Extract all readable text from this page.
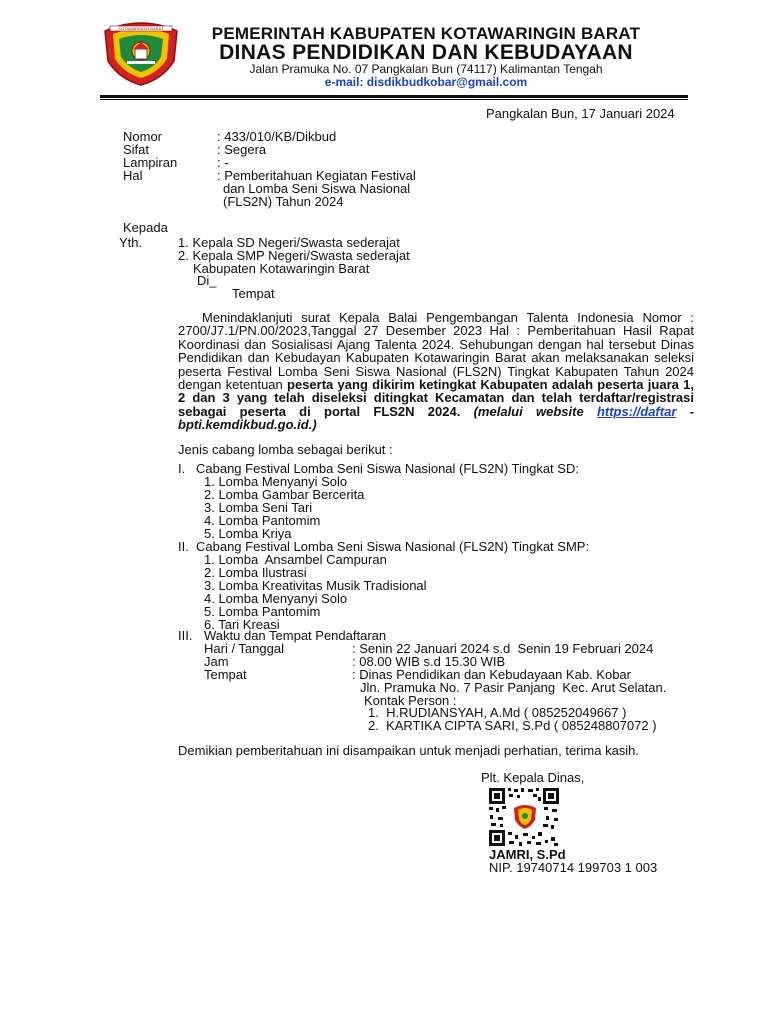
KOTAWARINGIN BARAT	PEMERINTAH KABUPATEN KOTAWARINGIN BARAT
DINAS PENDIDIKAN DAN KEBUDAYAAN
Jalan Pramuka No. 07 Pangkalan Bun (74117) Kalimantan Tengah
e-mail: disdikbudkobar@gmail.com
Pangkalan Bun, 17 Januari 2024
Nomor	: 433/010/KB/Dikbud
Sifat	: Segera
Lampiran	: -
Hal	: Pemberitahuan Kegiatan Festival
dan Lomba Seni Siswa Nasional
(FLS2N) Tahun 2024
Kepada
Yth.	1. Kepala SD Negeri/Swasta sederajat
2. Kepala SMP Negeri/Swasta sederajat
Kabupaten Kotawaringin Barat
Di_
Tempat
Menindaklanjuti surat Kepala Balai Pengembangan Talenta Indonesia Nomor : 2700/J7.1/PN.00/2023,Tanggal 27 Desember 2023 Hal : Pemberitahuan Hasil Rapat Koordinasi dan Sosialisasi Ajang Talenta 2024. Sehubungan dengan hal tersebut Dinas Pendidikan dan Kebudayan Kabupaten Kotawaringin Barat akan melaksanakan seleksi peserta Festival Lomba Seni Siswa Nasional (FLS2N) Tingkat Kabupaten Tahun 2024 dengan ketentuan peserta yang dikirim ketingkat Kabupaten adalah peserta juara 1, 2 dan 3 yang telah diseleksi ditingkat Kecamatan dan telah terdaftar/registrasi sebagai peserta di portal FLS2N 2024. (melalui website https://daftar - bpti.kemdikbud.go.id.)
Jenis cabang lomba sebagai berikut :
I. Cabang Festival Lomba Seni Siswa Nasional (FLS2N) Tingkat SD:
1. Lomba Menyanyi Solo
2. Lomba Gambar Bercerita
3. Lomba Seni Tari
4. Lomba Pantomim
5. Lomba Kriya
II. Cabang Festival Lomba Seni Siswa Nasional (FLS2N) Tingkat SMP:
1. Lomba  Ansambel Campuran
2. Lomba Ilustrasi
3. Lomba Kreativitas Musik Tradisional
4. Lomba Menyanyi Solo
5. Lomba Pantomim
6. Tari Kreasi
III. Waktu dan Tempat Pendaftaran
Hari / Tanggal	: Senin 22 Januari 2024 s.d  Senin 19 Februari 2024
Jam	: 08.00 WIB s.d 15.30 WIB
Tempat	: Dinas Pendidikan dan Kebudayaan Kab. Kobar
Jln. Pramuka No. 7 Pasir Panjang  Kec. Arut Selatan.
Kontak Person :
1.  H.RUDIANSYAH, A.Md ( 085252049667 )
2.  KARTIKA CIPTA SARI, S.Pd ( 085248807072 )
Demikian pemberitahuan ini disampaikan untuk menjadi perhatian, terima kasih.
Plt. Kepala Dinas,
JAMRI, S.Pd
NIP. 19740714 199703 1 003
